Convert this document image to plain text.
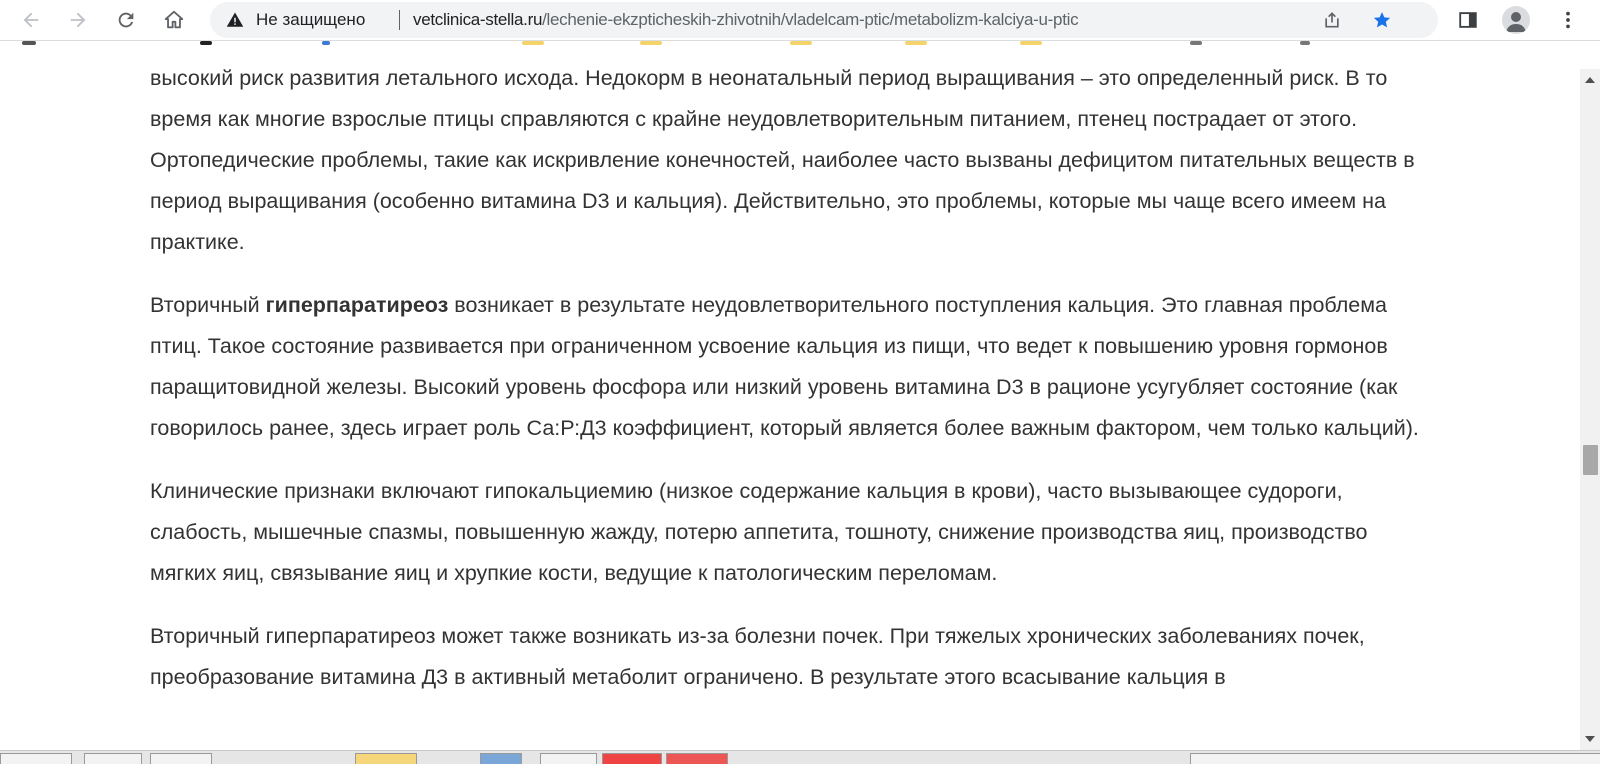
Не защищено	vetclinica-stella.ru/lechenie-ekzpticheskih-zhivotnih/vladelcam-ptic/metabolizm-kalciya-u-ptic

высокий риск развития летального исхода. Недокорм в неонатальный период выращивания – это определенный риск. В то время как многие взрослые птицы справляются с крайне неудовлетворительным питанием, птенец пострадает от этого. Ортопедические проблемы, такие как искривление конечностей, наиболее часто вызваны дефицитом питательных веществ в период выращивания (особенно витамина D3 и кальция). Действительно, это проблемы, которые мы чаще всего имеем на практике.

Вторичный гиперпаратиреоз возникает в результате неудовлетворительного поступления кальция. Это главная проблема птиц. Такое состояние развивается при ограниченном усвоение кальция из пищи, что ведет к повышению уровня гормонов паращитовидной железы. Высокий уровень фосфора или низкий уровень витамина D3 в рационе усугубляет состояние (как говорилось ранее, здесь играет роль Са:Р:Д3 коэффициент, который является более важным фактором, чем только кальций).

Клинические признаки включают гипокальциемию (низкое содержание кальция в крови), часто вызывающее судороги, слабость, мышечные спазмы, повышенную жажду, потерю аппетита, тошноту, снижение производства яиц, производство мягких яиц, связывание яиц и хрупкие кости, ведущие к патологическим переломам.

Вторичный гиперпаратиреоз может также возникать из-за болезни почек. При тяжелых хронических заболеваниях почек, преобразование витамина Д3 в активный метаболит ограничено. В результате этого всасывание кальция в
